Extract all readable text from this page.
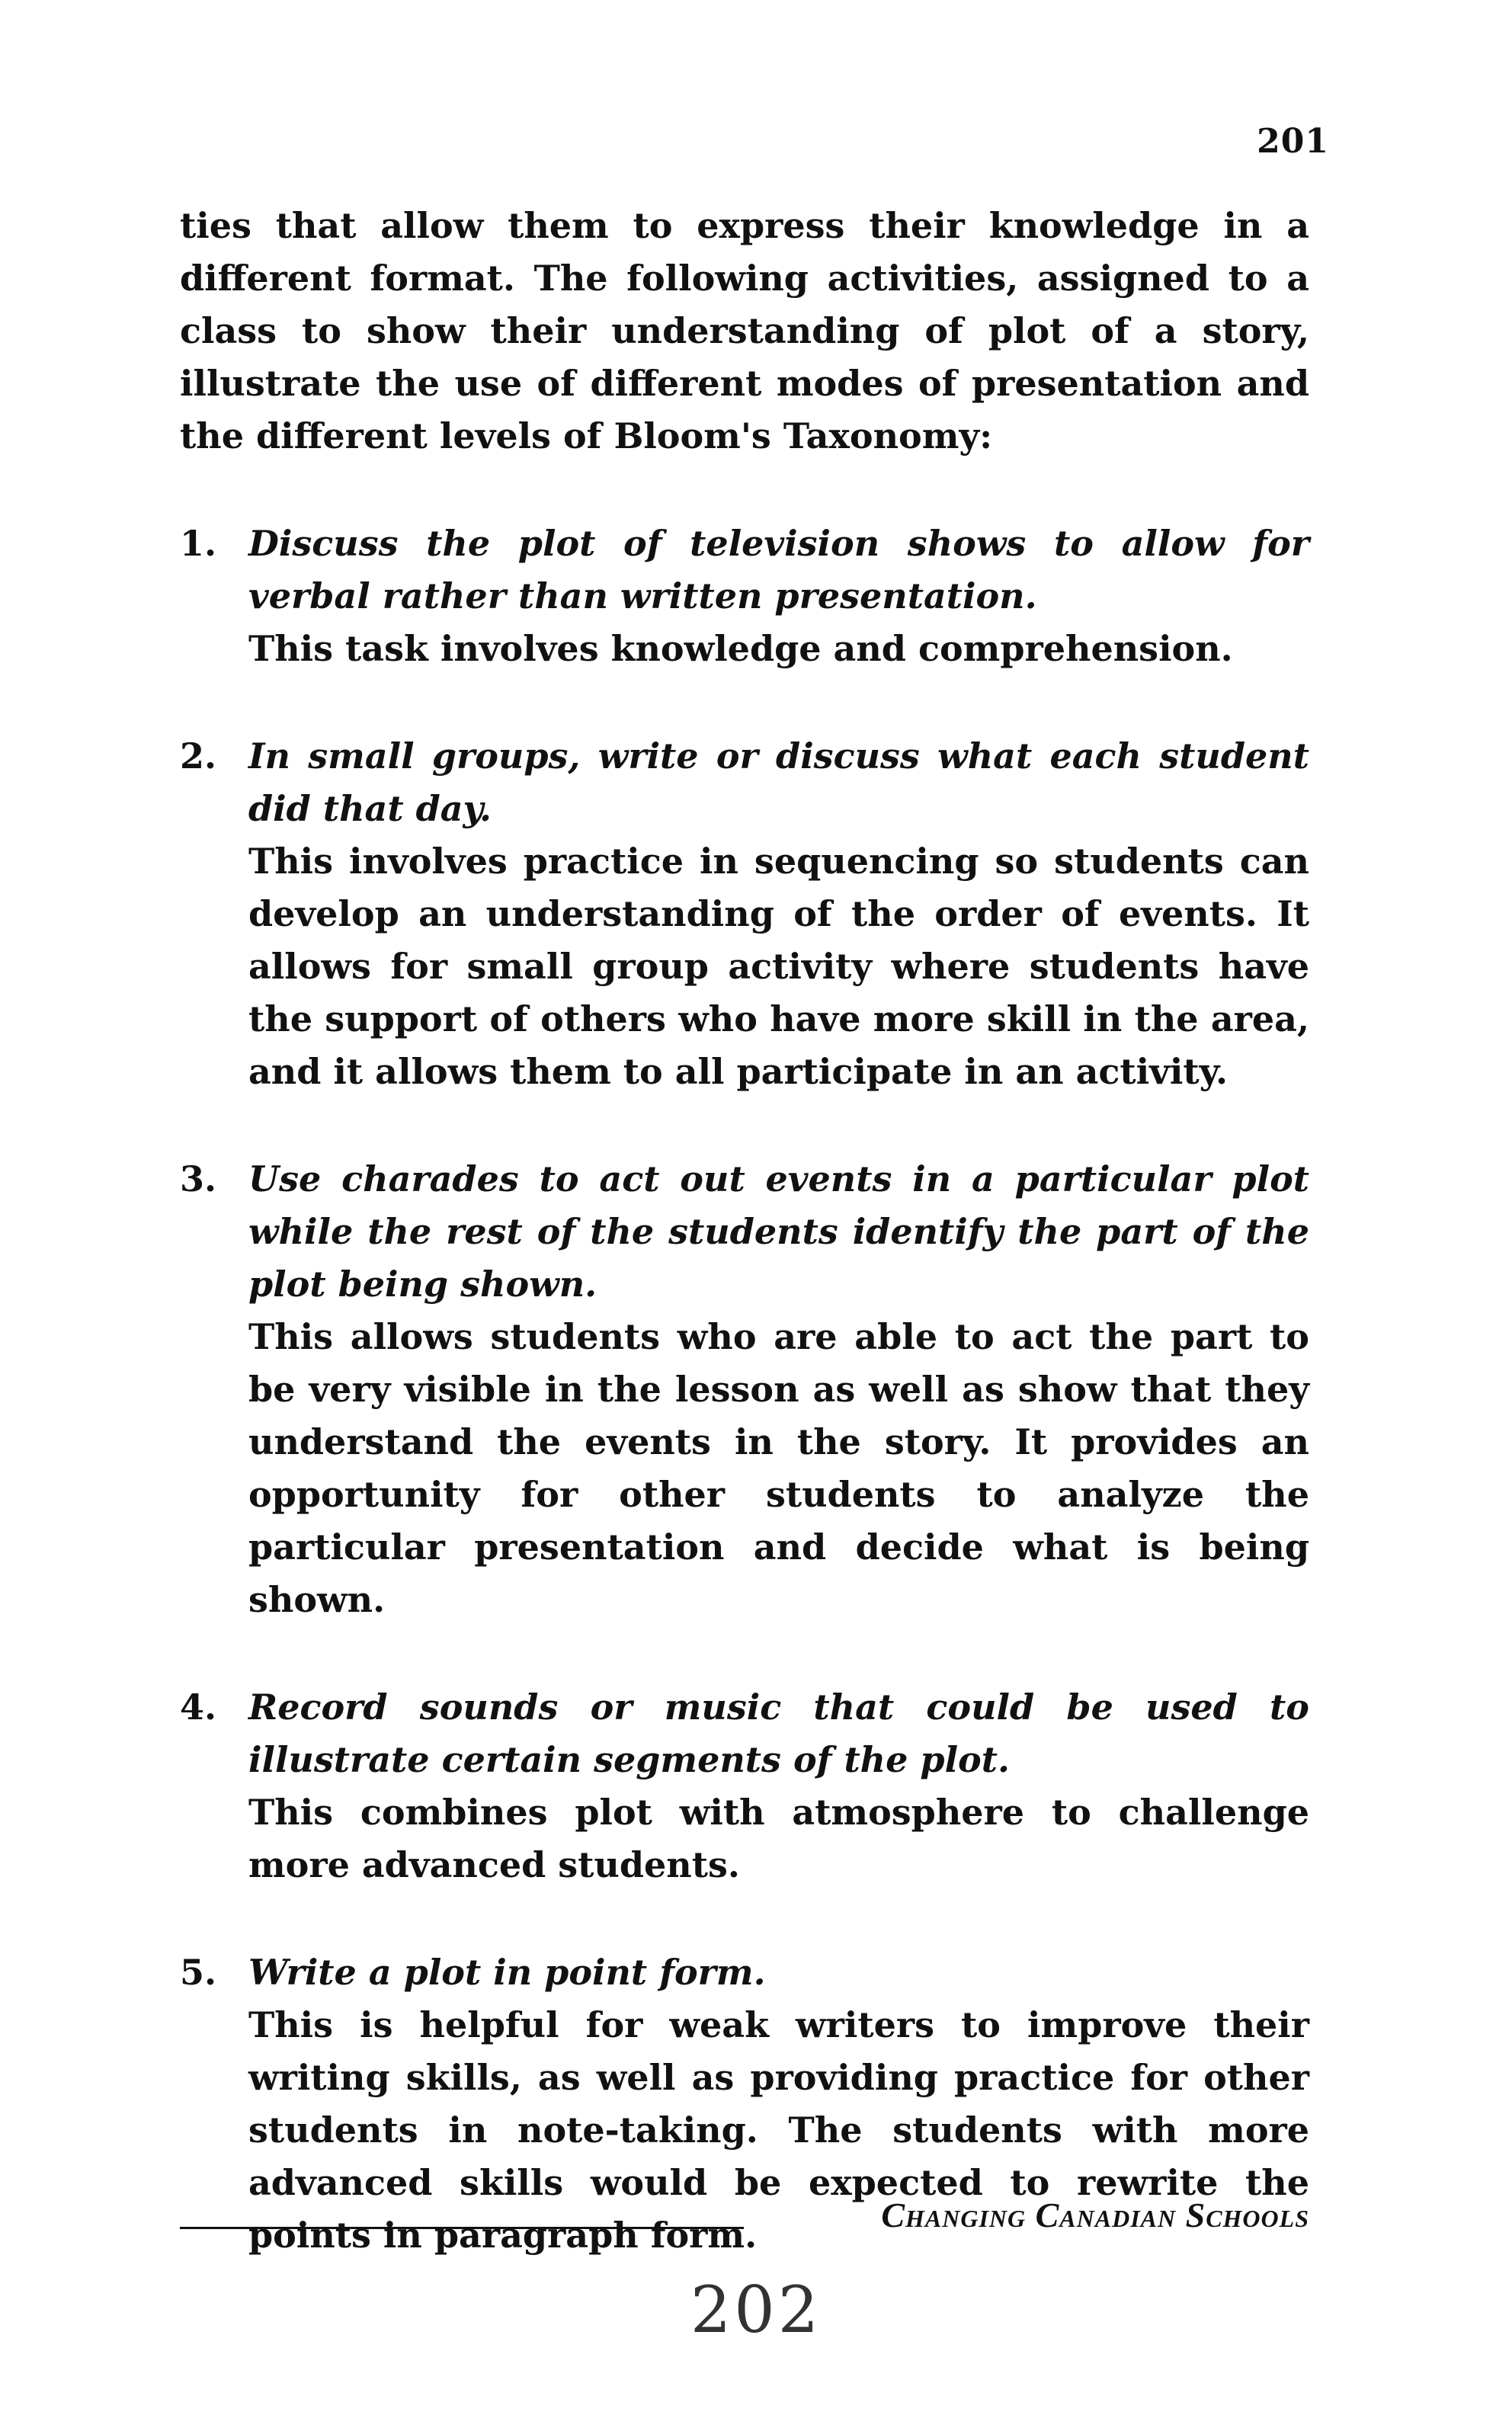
201

ties that allow them to express their knowledge in a different format. The following activities, assigned to a class to show their understanding of plot of a story, illustrate the use of different modes of presentation and the different levels of Bloom's Taxonomy:

1. Discuss the plot of television shows to allow for verbal rather than written presentation.
This task involves knowledge and comprehension.
2. In small groups, write or discuss what each student did that day.
This involves practice in sequencing so students can develop an understanding of the order of events. It allows for small group activity where students have the support of others who have more skill in the area, and it allows them to all participate in an activity.
3. Use charades to act out events in a particular plot while the rest of the students identify the part of the plot being shown.
This allows students who are able to act the part to be very visible in the lesson as well as show that they understand the events in the story. It provides an opportunity for other students to analyze the particular presentation and decide what is being shown.
4. Record sounds or music that could be used to illustrate certain segments of the plot.
This combines plot with atmosphere to challenge more advanced students.
5. Write a plot in point form.
This is helpful for weak writers to improve their writing skills, as well as providing practice for other students in note-taking. The students with more advanced skills would be expected to rewrite the points in paragraph form.	Changing Canadian Schools
202
